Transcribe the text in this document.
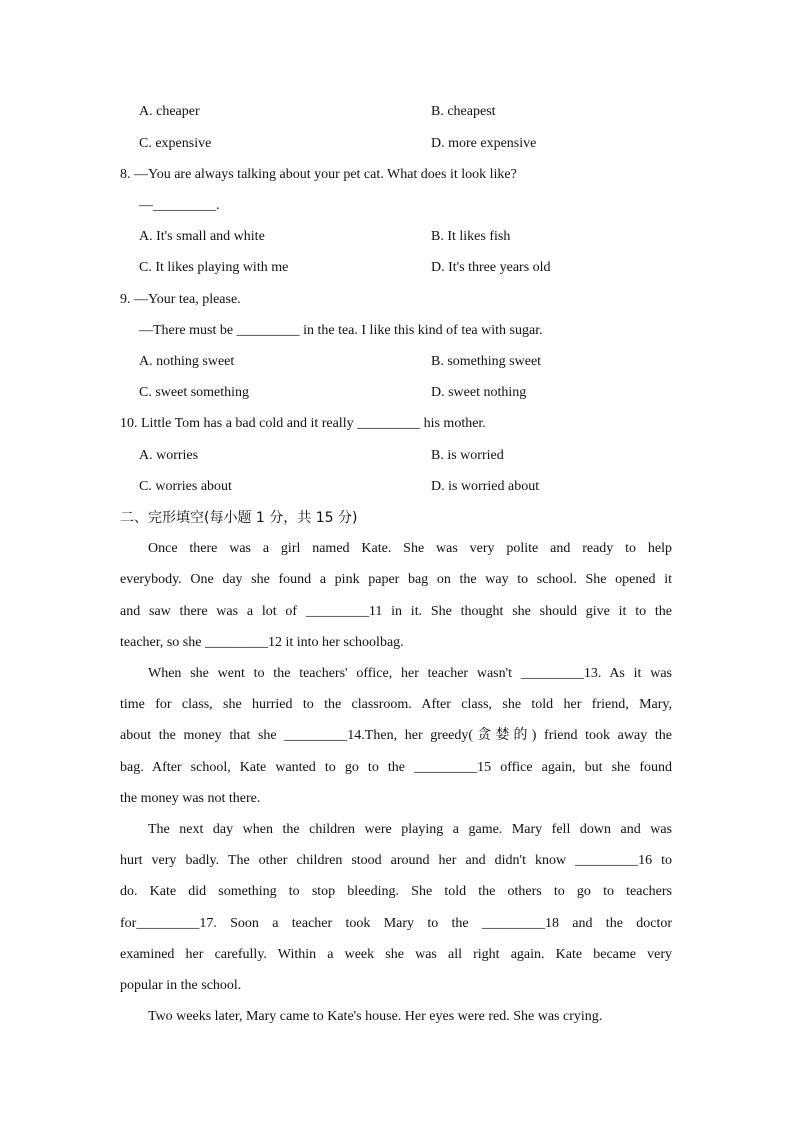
A. cheaper	B. cheapest
C. expensive	D. more expensive
8. —You are always talking about your pet cat. What does it look like?
—_________.
A. It's small and white	B. It likes fish
C. It likes playing with me	D. It's three years old
9. —Your tea, please.
—There must be _________ in the tea. I like this kind of tea with sugar.
A. nothing sweet	B. something sweet
C. sweet something	D. sweet nothing
10. Little Tom has a bad cold and it really _________ his mother.
A. worries	B. is worried
C. worries about	D. is worried about
二、完形填空(每小题 1 分，共 15 分)
Once there was a girl named Kate. She was very polite and ready to help
everybody. One day she found a pink paper bag on the way to school. She opened it
and saw there was a lot of _________11 in it. She thought she should give it to the
teacher, so she _________12 it into her schoolbag.
When she went to the teachers' office, her teacher wasn't _________13. As it was
time for class, she hurried to the classroom. After class, she told her friend, Mary,
about the money that she _________14.Then, her greedy(贪婪的) friend took away the
bag. After school, Kate wanted to go to the _________15 office again, but she found
the money was not there.
The next day when the children were playing a game. Mary fell down and was
hurt very badly. The other children stood around her and didn't know _________16 to
do. Kate did something to stop bleeding. She told the others to go to teachers
for_________17. Soon a teacher took Mary to the _________18 and the doctor
examined her carefully. Within a week she was all right again. Kate became very
popular in the school.
Two weeks later, Mary came to Kate's house. Her eyes were red. She was crying.
